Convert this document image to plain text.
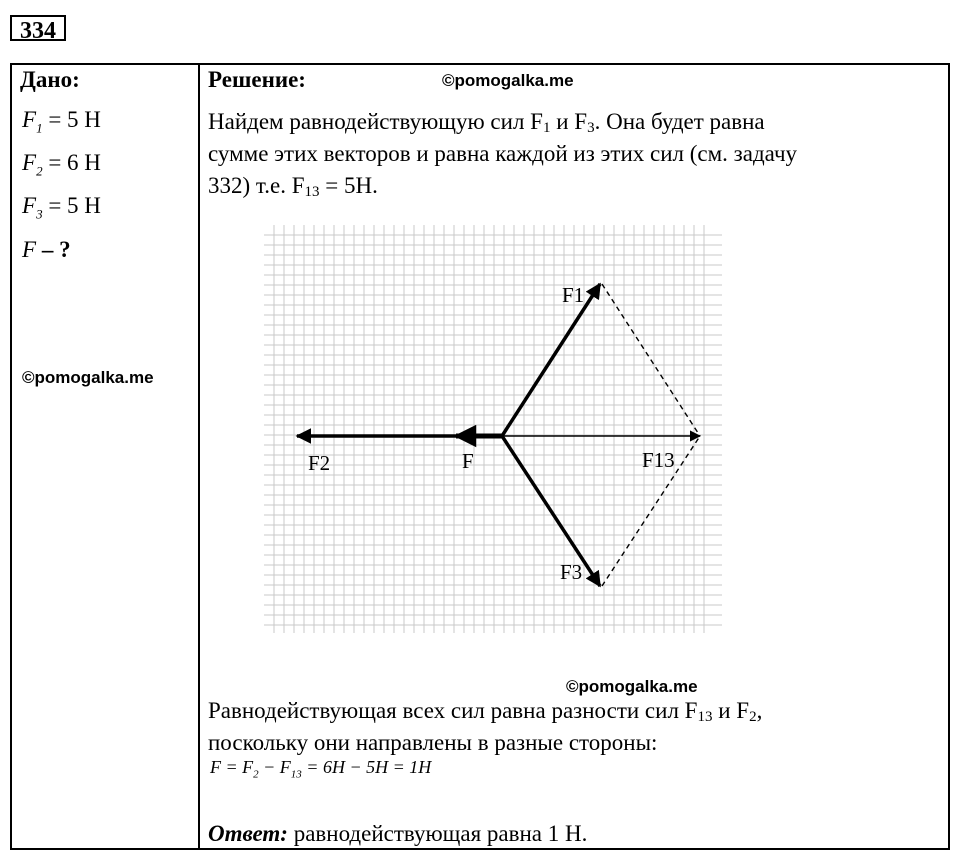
334
Дано:
$F_1 = 5$ Н
$F_2 = 6$ Н
$F_3 = 5$ Н
F – ?
©pomogalka.me
Решение:	©pomogalka.me
Найдем равнодействующую сил $F_1$ и $F_3$. Она будет равна
сумме этих векторов и равна каждой из этих сил (см. задачу
332) т.е. $F_{13} = 5Н$.
F1
F2
F3
F	F13
©pomogalka.me
Равнодействующая всех сил равна разности сил $F_{13}$ и $F_2$,
поскольку они направлены в разные стороны:
$F = F_2 - F_{13} = 6H - 5H = 1H$
Ответ: равнодействующая равна 1 Н.
